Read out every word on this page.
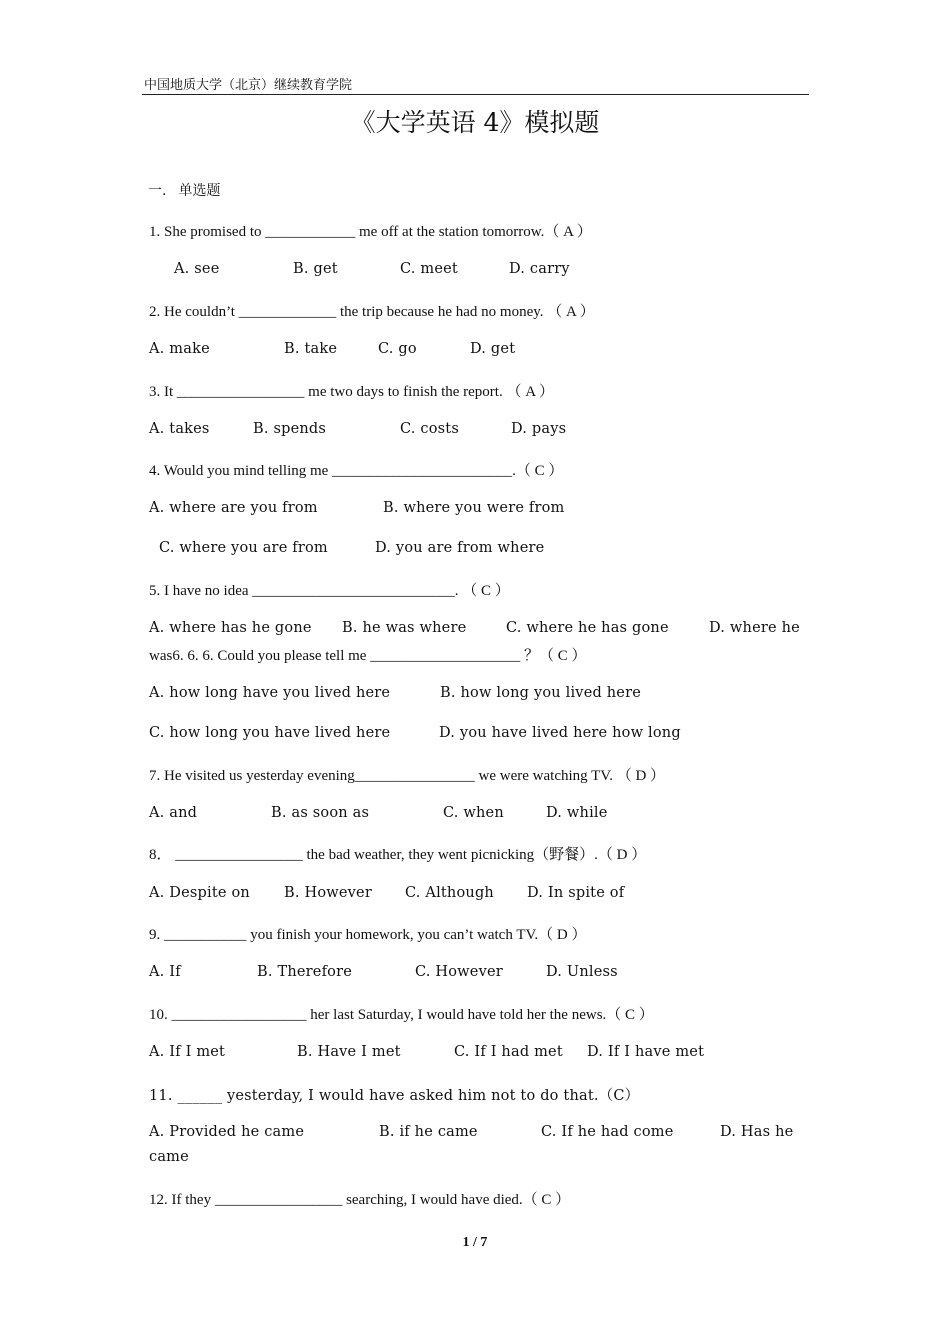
中国地质大学（北京）继续教育学院
《大学英语 4》模拟题
一. 单选题
1. She promised to ____________ me off at the station tomorrow.（ A ）
A. see	B. get	C. meet	D. carry
2. He couldn’t _____________ the trip because he had no money. （ A ）
A. make	B. take	C. go	D. get
3. It _________________ me two days to finish the report. （ A ）
A. takes	B. spends	C. costs	D. pays
4. Would you mind telling me ________________________.（ C ）
A. where are you from	B. where you were from
C. where you are from	D. you are from where
5. I have no idea ___________________________. （ C ）
A. where has he gone B. he was where	C. where he has gone	D. where he
was6. 6. 6. Could you please tell me ____________________ ？（ C ）
A. how long have you lived here	B. how long you lived here
C. how long you have lived here	D. you have lived here how long
7. He visited us yesterday evening________________ we were watching TV. （ D ）
A. and	B. as soon as	C. when	D. while
8． _________________ the bad weather, they went picnicking（野餐）.（ D ）
A. Despite on B. However C. Although D. In spite of
9. ___________ you finish your homework, you can’t watch TV.（ D ）
A. If	B. Therefore	C. However	D. Unless
10. __________________ her last Saturday, I would have told her the news.（ C ）
A. If I met	B. Have I met	C. If I had met D. If I have met
11. ______ yesterday, I would have asked him not to do that.（C）
A. Provided he came	B. if he came	C. If he had come	D. Has he
came
12. If they _________________ searching, I would have died.（ C ）
1 / 7
